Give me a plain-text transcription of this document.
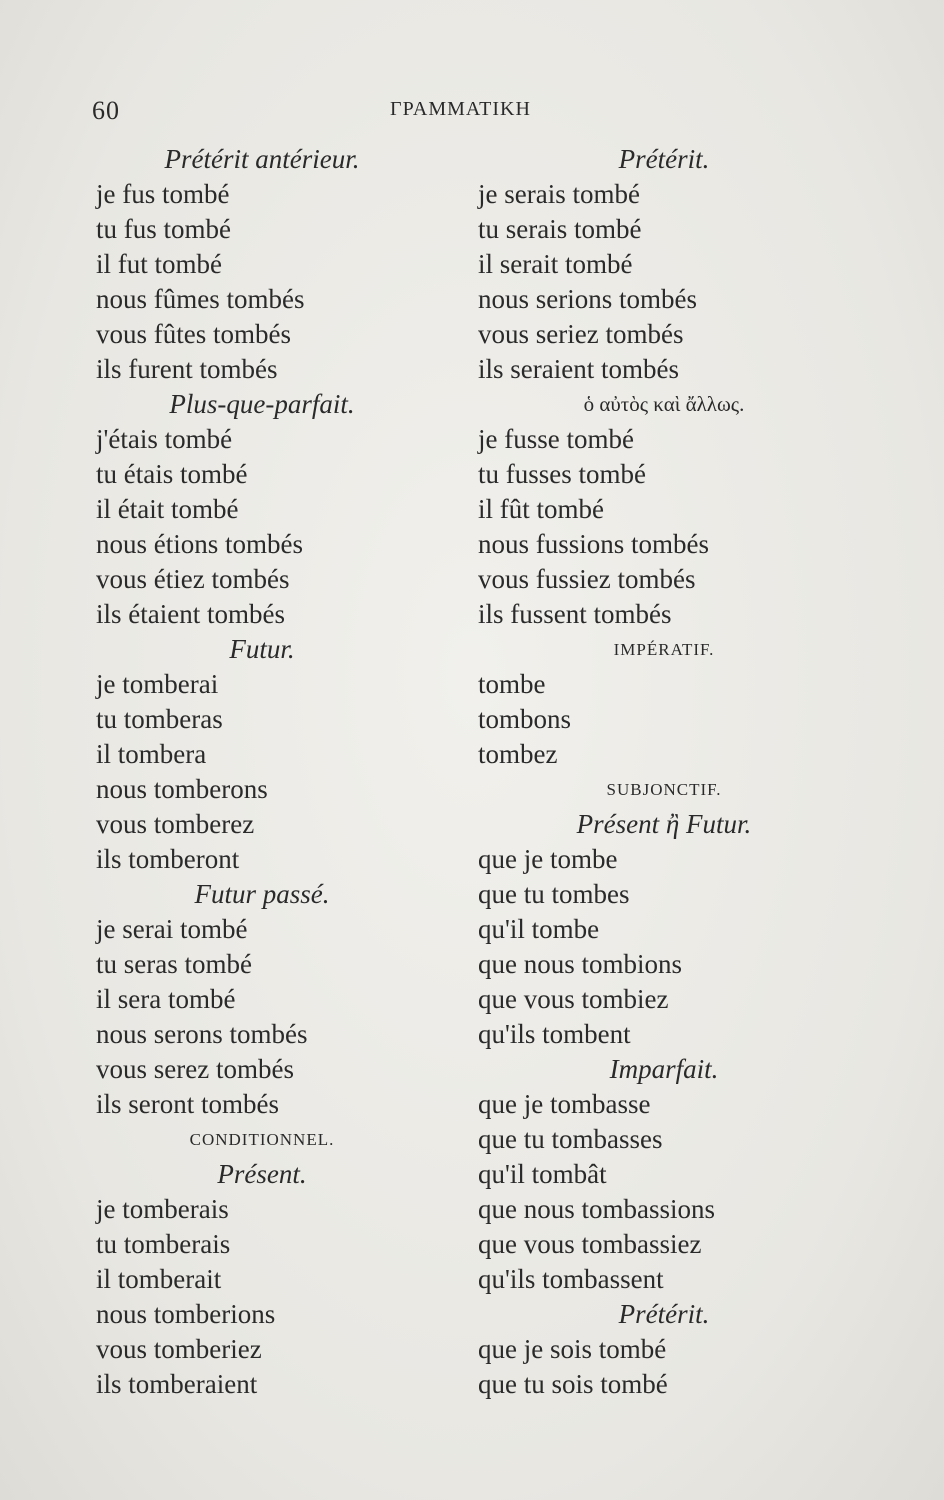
60	ΓΡΑΜΜΑΤΙΚΗ
Prétérit antérieur.
je fus tombé
tu fus tombé
il fut tombé
nous fûmes tombés
vous fûtes tombés
ils furent tombés
Plus-que-parfait.
j'étais tombé
tu étais tombé
il était tombé
nous étions tombés
vous étiez tombés
ils étaient tombés
Futur.
je tomberai
tu tomberas
il tombera
nous tomberons
vous tomberez
ils tomberont
Futur passé.
je serai tombé
tu seras tombé
il sera tombé
nous serons tombés
vous serez tombés
ils seront tombés
CONDITIONNEL.
Présent.
je tomberais
tu tomberais
il tomberait
nous tomberions
vous tomberiez
ils tomberaient
Prétérit.
je serais tombé
tu serais tombé
il serait tombé
nous serions tombés
vous seriez tombés
ils seraient tombés
ὁ αὐτὸς καὶ ἄλλως.
je fusse tombé
tu fusses tombé
il fût tombé
nous fussions tombés
vous fussiez tombés
ils fussent tombés
IMPÉRATIF.
tombe
tombons
tombez
SUBJONCTIF.
Présent ἢ Futur.
que je tombe
que tu tombes
qu'il tombe
que nous tombions
que vous tombiez
qu'ils tombent
Imparfait.
que je tombasse
que tu tombasses
qu'il tombât
que nous tombassions
que vous tombassiez
qu'ils tombassent
Prétérit.
que je sois tombé
que tu sois tombé
